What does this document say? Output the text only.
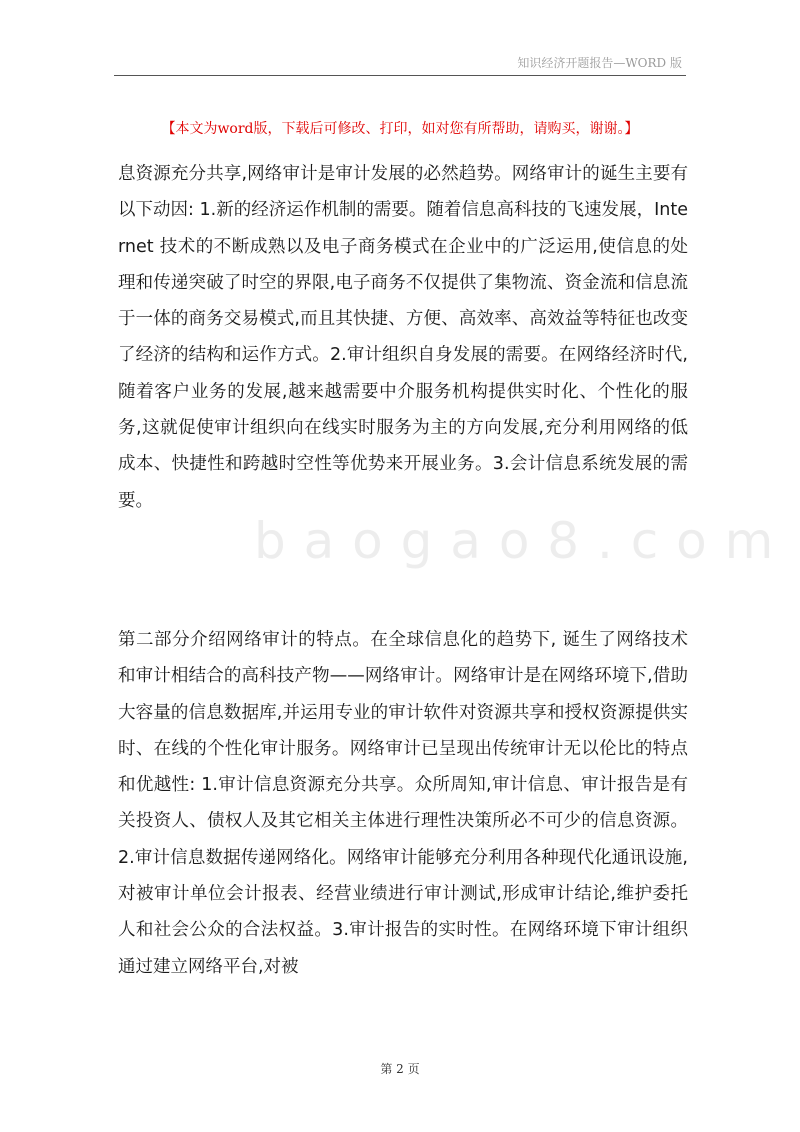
知识经济开题报告—WORD 版
【本文为word版，下载后可修改、打印，如对您有所帮助，请购买，谢谢。】

息资源充分共享,网络审计是审计发展的必然趋势。网络审计的诞生主要有以下动因: 1.新的经济运作机制的需要。随着信息高科技的飞速发展，Internet 技术的不断成熟以及电子商务模式在企业中的广泛运用,使信息的处理和传递突破了时空的界限,电子商务不仅提供了集物流、资金流和信息流于一体的商务交易模式,而且其快捷、方便、高效率、高效益等特征也改变了经济的结构和运作方式。2.审计组织自身发展的需要。在网络经济时代,随着客户业务的发展,越来越需要中介服务机构提供实时化、个性化的服务,这就促使审计组织向在线实时服务为主的方向发展,充分利用网络的低成本、快捷性和跨越时空性等优势来开展业务。3.会计信息系统发展的需要。

b a o g a o 8 . c o m

第二部分介绍网络审计的特点。在全球信息化的趋势下, 诞生了网络技术和审计相结合的高科技产物——网络审计。网络审计是在网络环境下,借助大容量的信息数据库,并运用专业的审计软件对资源共享和授权资源提供实时、在线的个性化审计服务。网络审计已呈现出传统审计无以伦比的特点和优越性: 1.审计信息资源充分共享。众所周知,审计信息、审计报告是有关投资人、债权人及其它相关主体进行理性决策所必不可少的信息资源。2.审计信息数据传递网络化。网络审计能够充分利用各种现代化通讯设施,对被审计单位会计报表、经营业绩进行审计测试,形成审计结论,维护委托人和社会公众的合法权益。3.审计报告的实时性。在网络环境下审计组织通过建立网络平台,对被

第 2 页
